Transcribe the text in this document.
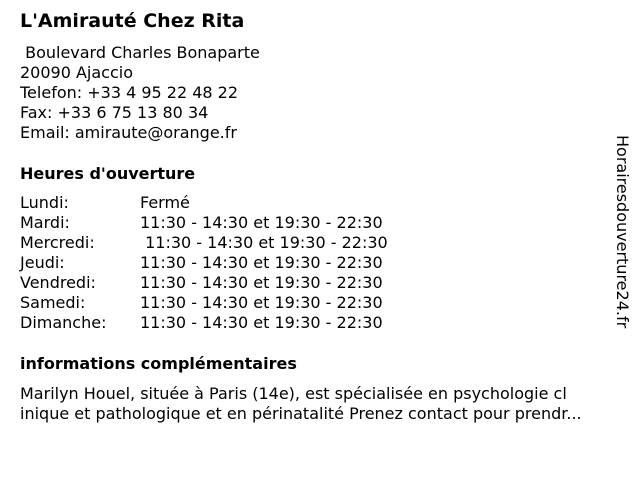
L'Amirauté Chez Rita
Boulevard Charles Bonaparte
20090 Ajaccio
Telefon: +33 4 95 22 48 22
Fax: +33 6 75 13 80 34
Email: amiraute@orange.fr
Heures d'ouverture

Lundi:

	Fermé

Mardi:

	11:30 - 14:30 et 19:30 - 22:30

Mercredi:

	11:30 - 14:30 et 19:30 - 22:30

Jeudi:

	11:30 - 14:30 et 19:30 - 22:30

Vendredi:

	11:30 - 14:30 et 19:30 - 22:30

Samedi:

	11:30 - 14:30 et 19:30 - 22:30

Dimanche:

11:30 - 14:30 et 19:30 - 22:30

informations complémentaires
Marilyn Houel, située à Paris (14e), est spécialisée en psychologie cl
inique et pathologique et en périnatalité Prenez contact pour prendr...
Horairesdouverture24.fr
